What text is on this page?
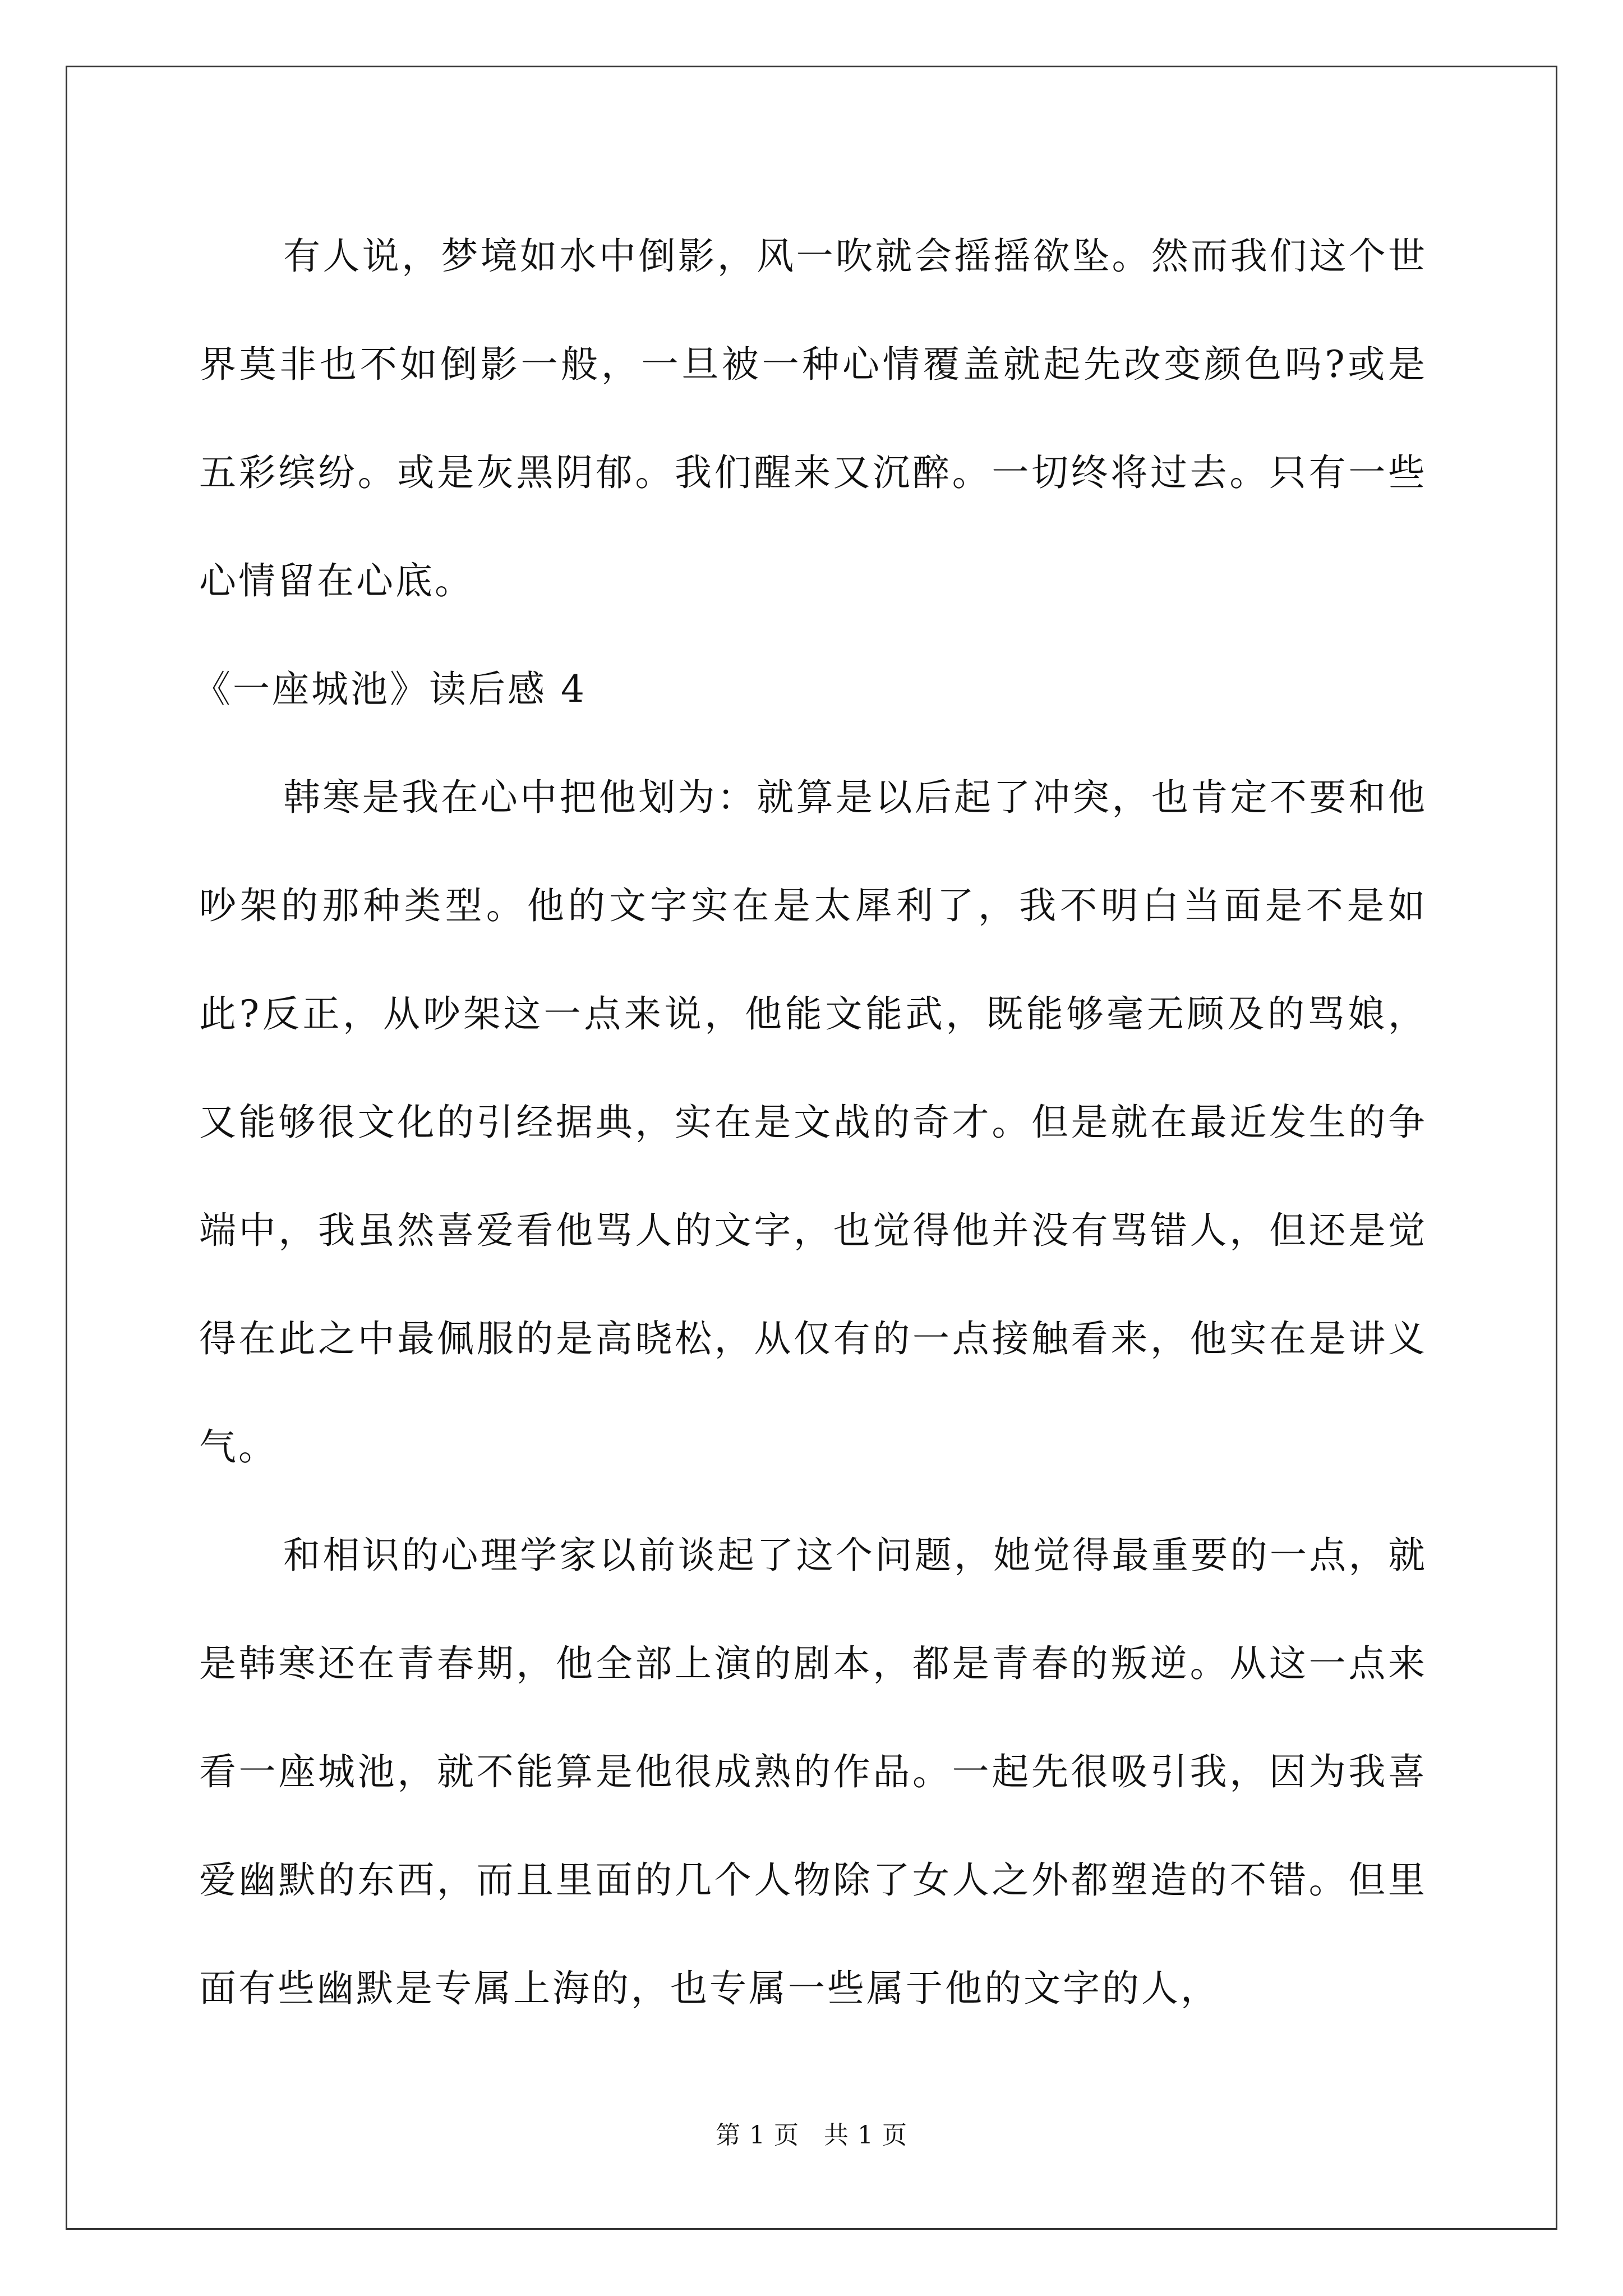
有人说，梦境如水中倒影，风一吹就会摇摇欲坠。然而我们这个世界莫非也不如倒影一般，一旦被一种心情覆盖就起先改变颜色吗?或是五彩缤纷。或是灰黑阴郁。我们醒来又沉醉。一切终将过去。只有一些心情留在心底。

《一座城池》读后感 4

韩寒是我在心中把他划为：就算是以后起了冲突，也肯定不要和他吵架的那种类型。他的文字实在是太犀利了，我不明白当面是不是如此?反正，从吵架这一点来说，他能文能武，既能够毫无顾及的骂娘，又能够很文化的引经据典，实在是文战的奇才。但是就在最近发生的争端中，我虽然喜爱看他骂人的文字，也觉得他并没有骂错人，但还是觉得在此之中最佩服的是高晓松，从仅有的一点接触看来，他实在是讲义气。

和相识的心理学家以前谈起了这个问题，她觉得最重要的一点，就是韩寒还在青春期，他全部上演的剧本，都是青春的叛逆。从这一点来看一座城池，就不能算是他很成熟的作品。一起先很吸引我，因为我喜爱幽默的东西，而且里面的几个人物除了女人之外都塑造的不错。但里面有些幽默是专属上海的，也专属一些属于他的文字的人，

第 1 页 共 1 页
